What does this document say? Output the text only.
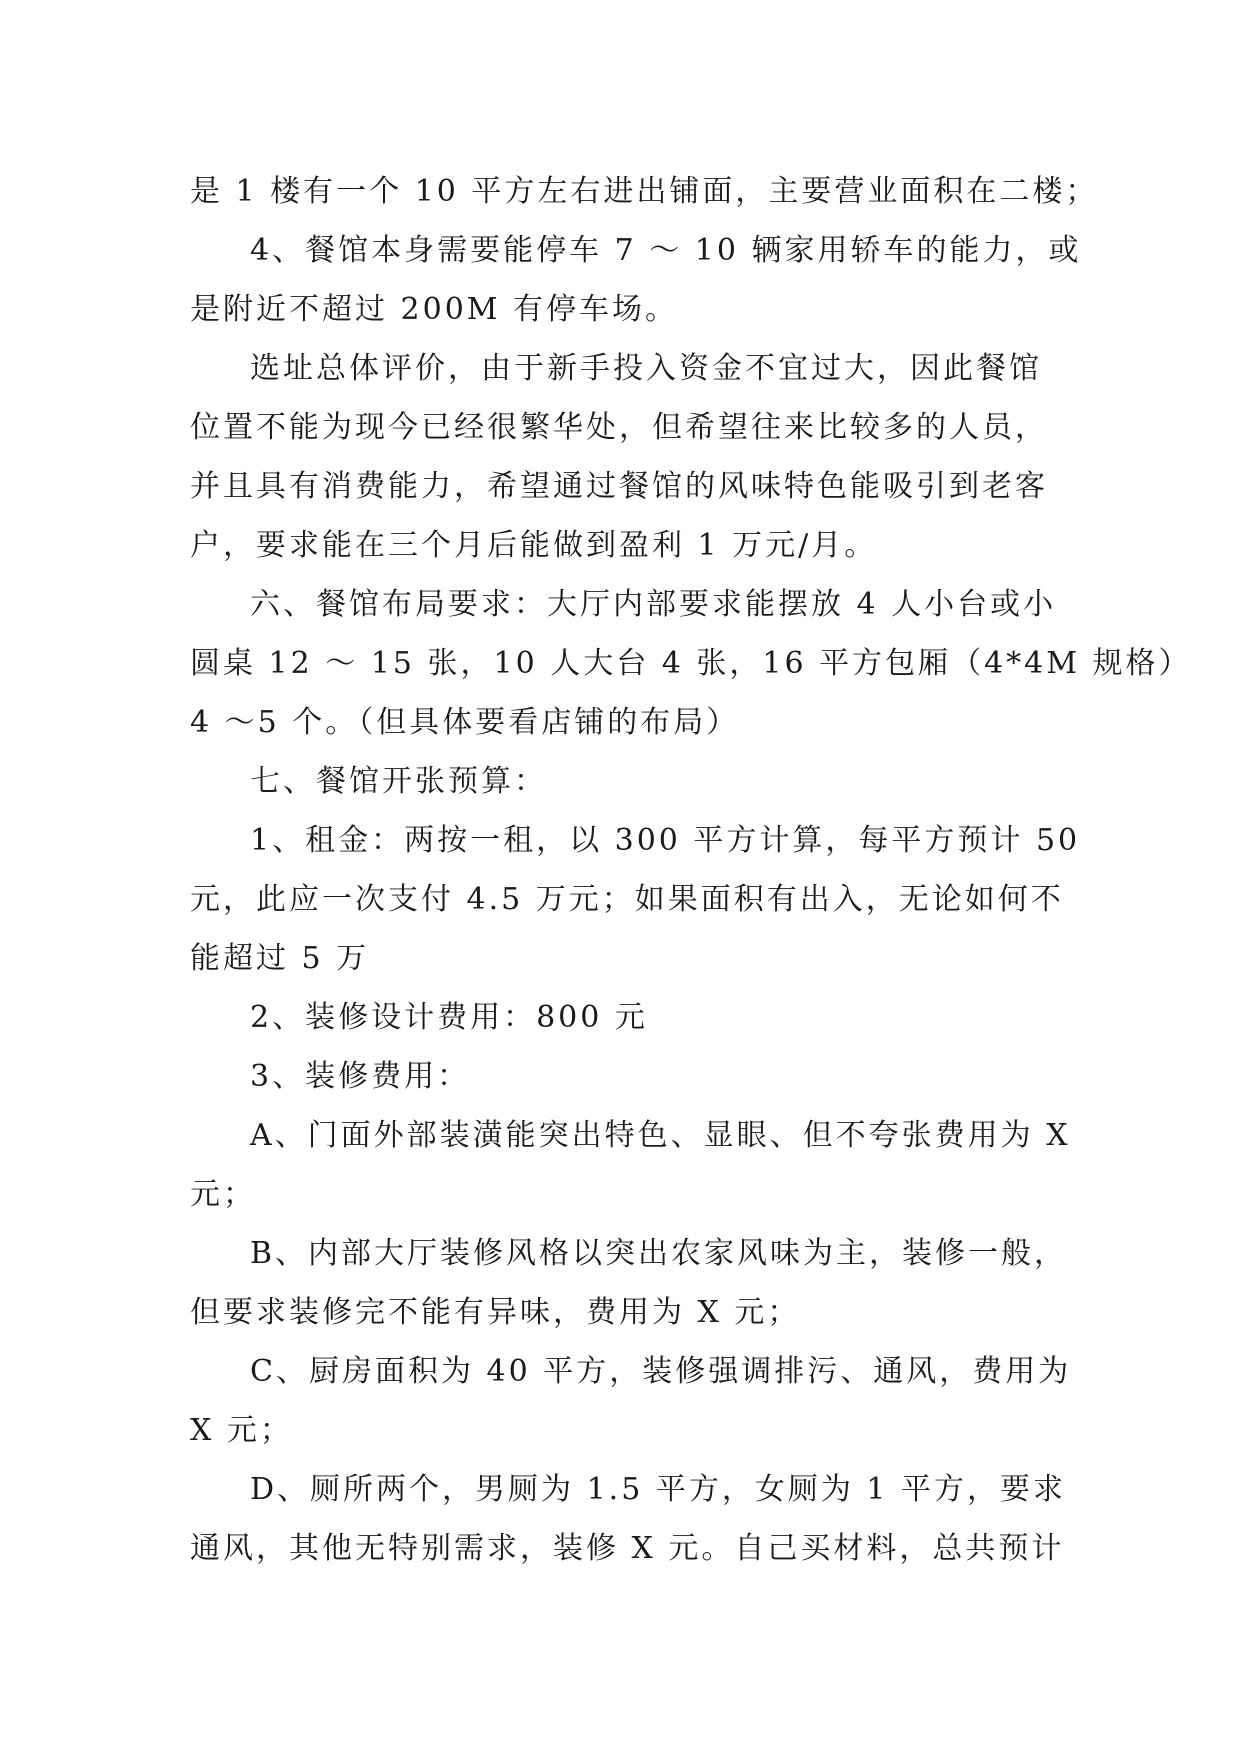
是 1 楼有一个 10 平方左右进出铺面，主要营业面积在二楼；
4、餐馆本身需要能停车 7 ～ 10 辆家用轿车的能力，或
是附近不超过 200M 有停车场。
选址总体评价，由于新手投入资金不宜过大，因此餐馆
位置不能为现今已经很繁华处，但希望往来比较多的人员，
并且具有消费能力，希望通过餐馆的风味特色能吸引到老客
户，要求能在三个月后能做到盈利 1 万元/月。
六、餐馆布局要求：大厅内部要求能摆放 4 人小台或小
圆桌 12 ～ 15 张，10 人大台 4 张，16 平方包厢（4*4M 规格）
4 ～5 个。（但具体要看店铺的布局）
七、餐馆开张预算：
1、租金：两按一租，以 300 平方计算，每平方预计 50
元，此应一次支付 4.5 万元；如果面积有出入，无论如何不
能超过 5 万
2、装修设计费用：800 元
3、装修费用：
A、门面外部装潢能突出特色、显眼、但不夸张费用为 X
元；
B、内部大厅装修风格以突出农家风味为主，装修一般，
但要求装修完不能有异味，费用为 X 元；
C、厨房面积为 40 平方，装修强调排污、通风，费用为
X 元；
D、厕所两个，男厕为 1.5 平方，女厕为 1 平方，要求
通风，其他无特别需求，装修 X 元。自己买材料，总共预计
